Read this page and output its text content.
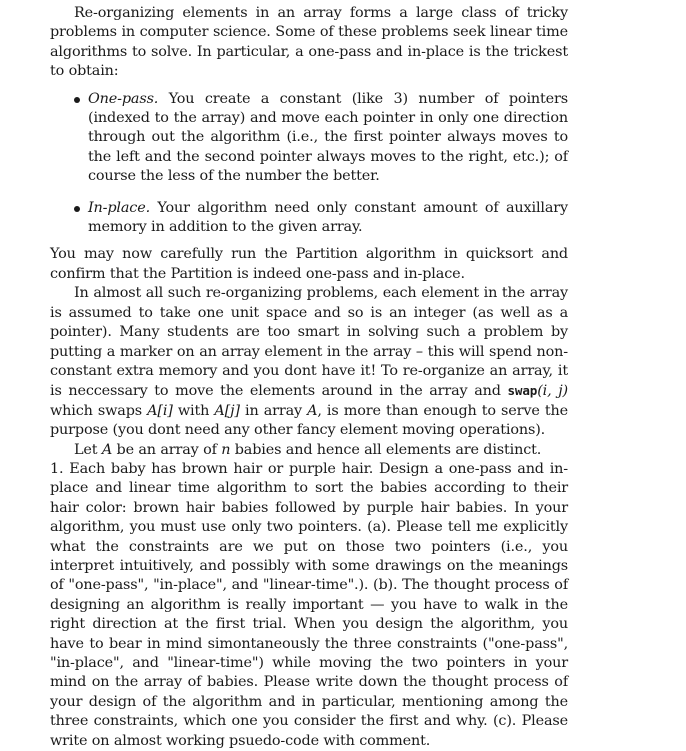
Re-organizing elements in an array forms a large class of tricky problems in computer science. Some of these problems seek linear time algorithms to solve. In particular, a one-pass and in-place is the trickest to obtain:

One-pass. You create a constant (like 3) number of pointers (indexed to the array) and move each pointer in only one direction through out the algorithm (i.e., the first pointer always moves to the left and the second pointer always moves to the right, etc.); of course the less of the number the better.
In-place. Your algorithm need only constant amount of auxillary memory in addition to the given array.

You may now carefully run the Partition algorithm in quicksort and confirm that the Partition is indeed one-pass and in-place.

In almost all such re-organizing problems, each element in the array is assumed to take one unit space and so is an integer (as well as a pointer). Many students are too smart in solving such a problem by putting a marker on an array element in the array – this will spend non-constant extra memory and you dont have it! To re-organize an array, it is neccessary to move the elements around in the array and swap(i, j) which swaps A[i] with A[j] in array A, is more than enough to serve the purpose (you dont need any other fancy element moving operations).

Let A be an array of n babies and hence all elements are distinct.

1. Each baby has brown hair or purple hair. Design a one-pass and in-place and linear time algorithm to sort the babies according to their hair color: brown hair babies followed by purple hair babies. In your algorithm, you must use only two pointers. (a). Please tell me explicitly what the constraints are we put on those two pointers (i.e., you interpret intuitively, and possibly with some drawings on the meanings of "one-pass", "in-place", and "linear-time".). (b). The thought process of designing an algorithm is really important — you have to walk in the right direction at the first trial. When you design the algorithm, you have to bear in mind simontaneously the three constraints ("one-pass", "in-place", and "linear-time") while moving the two pointers in your mind on the array of babies. Please write down the thought process of your design of the algorithm and in particular, mentioning among the three constraints, which one you consider the first and why. (c). Please write on almost working psuedo-code with comment.
